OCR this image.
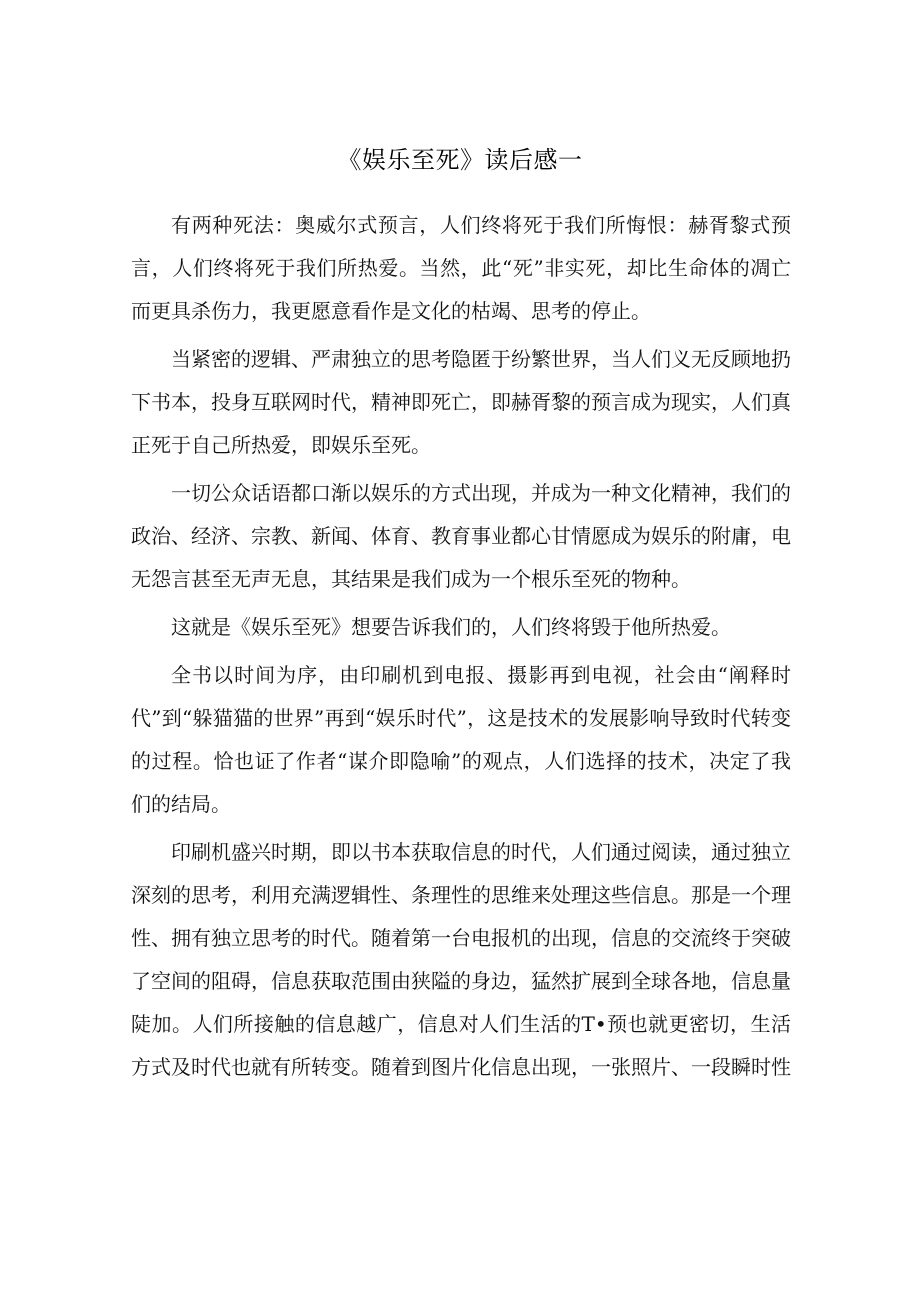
《娱乐至死》读后感一

有两种死法：奥威尔式预言，人们终将死于我们所悔恨：赫胥黎式预言，人们终将死于我们所热爱。当然，此“死”非实死，却比生命体的凋亡而更具杀伤力，我更愿意看作是文化的枯竭、思考的停止。

当紧密的逻辑、严肃独立的思考隐匿于纷繁世界，当人们义无反顾地扔下书本，投身互联网时代，精神即死亡，即赫胥黎的预言成为现实，人们真正死于自己所热爱，即娱乐至死。

一切公众话语都口渐以娱乐的方式出现，并成为一种文化精神，我们的政治、经济、宗教、新闻、体育、教育事业都心甘情愿成为娱乐的附庸，电无怨言甚至无声无息，其结果是我们成为一个根乐至死的物种。

这就是《娱乐至死》想要告诉我们的，人们终将毁于他所热爱。

全书以时间为序，由印刷机到电报、摄影再到电视，社会由“阐释时代”到“躲猫猫的世界”再到“娱乐时代”，这是技术的发展影响导致时代转变的过程。恰也证了作者“谋介即隐喻”的观点，人们选择的技术，决定了我们的结局。

印刷机盛兴时期，即以书本获取信息的时代，人们通过阅读，通过独立深刻的思考，利用充满逻辑性、条理性的思维来处理这些信息。那是一个理性、拥有独立思考的时代。随着第一台电报机的出现，信息的交流终于突破了空间的阻碍，信息获取范围由狭隘的身边，猛然扩展到全球各地，信息量陡加。人们所接触的信息越广，信息对人们生活的T•预也就更密切，生活方式及时代也就有所转变。随着到图片化信息出现，一张照片、一段瞬时性
